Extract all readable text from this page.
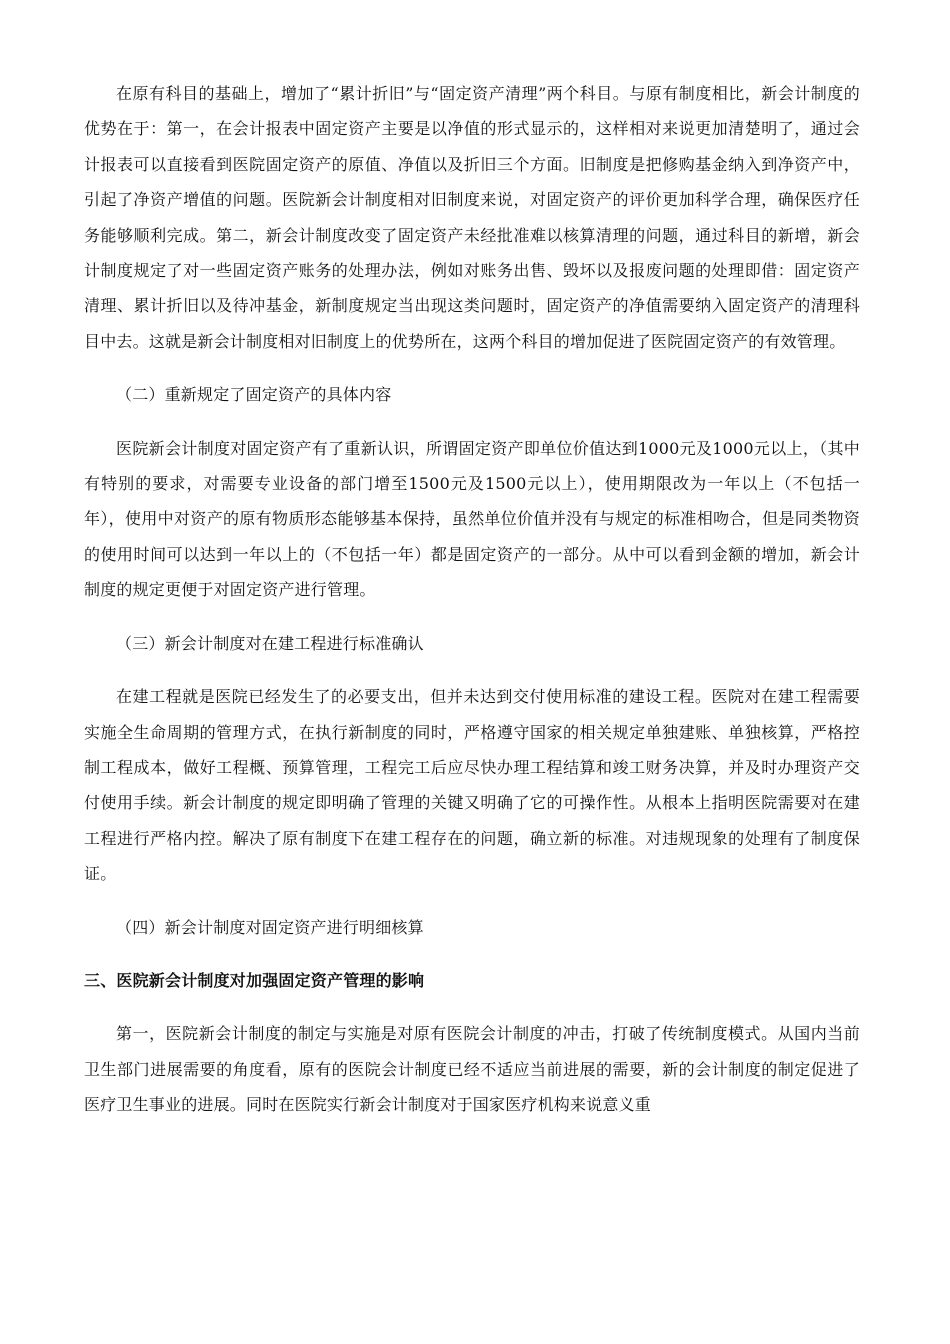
在原有科目的基础上，增加了“累计折旧”与“固定资产清理”两个科目。与原有制度相比，新会计制度的优势在于：第一，在会计报表中固定资产主要是以净值的形式显示的，这样相对来说更加清楚明了，通过会计报表可以直接看到医院固定资产的原值、净值以及折旧三个方面。旧制度是把修购基金纳入到净资产中，引起了净资产增值的问题。医院新会计制度相对旧制度来说，对固定资产的评价更加科学合理，确保医疗任务能够顺利完成。第二，新会计制度改变了固定资产未经批准难以核算清理的问题，通过科目的新增，新会计制度规定了对一些固定资产账务的处理办法，例如对账务出售、毁坏以及报废问题的处理即借：固定资产清理、累计折旧以及待冲基金，新制度规定当出现这类问题时，固定资产的净值需要纳入固定资产的清理科目中去。这就是新会计制度相对旧制度上的优势所在，这两个科目的增加促进了医院固定资产的有效管理。

（二）重新规定了固定资产的具体内容

医院新会计制度对固定资产有了重新认识，所谓固定资产即单位价值达到1000元及1000元以上，（其中有特别的要求，对需要专业设备的部门增至1500元及1500元以上），使用期限改为一年以上（不包括一年），使用中对资产的原有物质形态能够基本保持，虽然单位价值并没有与规定的标准相吻合，但是同类物资的使用时间可以达到一年以上的（不包括一年）都是固定资产的一部分。从中可以看到金额的增加，新会计制度的规定更便于对固定资产进行管理。

（三）新会计制度对在建工程进行标准确认

在建工程就是医院已经发生了的必要支出，但并未达到交付使用标准的建设工程。医院对在建工程需要实施全生命周期的管理方式，在执行新制度的同时，严格遵守国家的相关规定单独建账、单独核算，严格控制工程成本，做好工程概、预算管理，工程完工后应尽快办理工程结算和竣工财务决算，并及时办理资产交付使用手续。新会计制度的规定即明确了管理的关键又明确了它的可操作性。从根本上指明医院需要对在建工程进行严格内控。解决了原有制度下在建工程存在的问题，确立新的标准。对违规现象的处理有了制度保证。

（四）新会计制度对固定资产进行明细核算

三、医院新会计制度对加强固定资产管理的影响

第一，医院新会计制度的制定与实施是对原有医院会计制度的冲击，打破了传统制度模式。从国内当前卫生部门进展需要的角度看，原有的医院会计制度已经不适应当前进展的需要，新的会计制度的制定促进了医疗卫生事业的进展。同时在医院实行新会计制度对于国家医疗机构来说意义重
